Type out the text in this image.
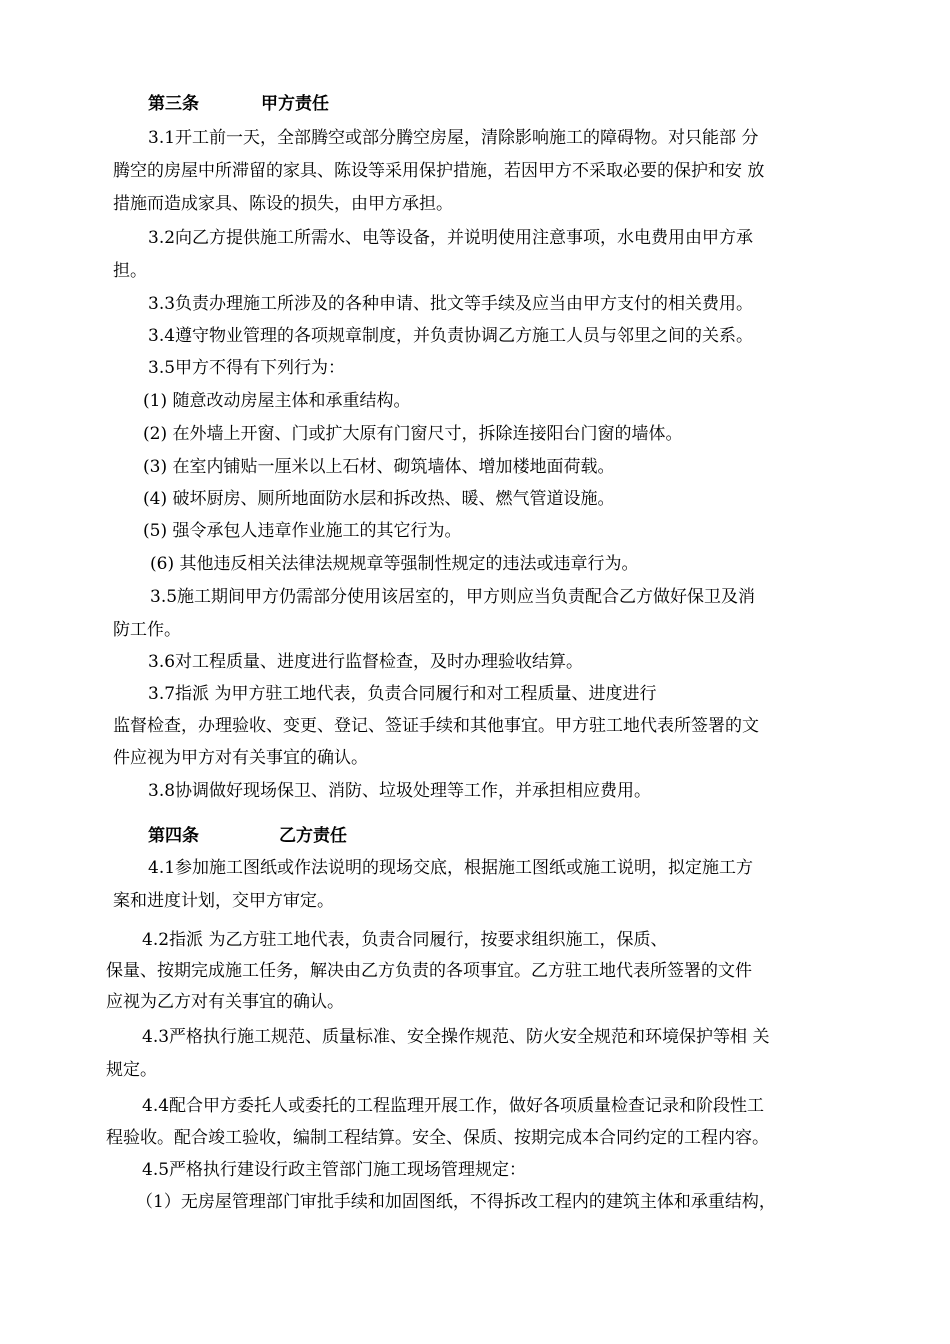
第三条	甲方责任
3.1开工前一天，全部腾空或部分腾空房屋，清除影响施工的障碍物。对只能部 分
腾空的房屋中所滞留的家具、陈设等采用保护措施，若因甲方不采取必要的保护和安 放
措施而造成家具、陈设的损失，由甲方承担。
3.2向乙方提供施工所需水、电等设备，并说明使用注意事项，水电费用由甲方承
担。
3.3负责办理施工所涉及的各种申请、批文等手续及应当由甲方支付的相关费用。
3.4遵守物业管理的各项规章制度，并负责协调乙方施工人员与邻里之间的关系。
3.5甲方不得有下列行为：
(1) 随意改动房屋主体和承重结构。
(2) 在外墙上开窗、门或扩大原有门窗尺寸，拆除连接阳台门窗的墙体。
(3) 在室内铺贴一厘米以上石材、砌筑墙体、增加楼地面荷载。
(4) 破坏厨房、厕所地面防水层和拆改热、暖、燃气管道设施。
(5) 强令承包人违章作业施工的其它行为。
(6) 其他违反相关法律法规规章等强制性规定的违法或违章行为。
3.5施工期间甲方仍需部分使用该居室的，甲方则应当负责配合乙方做好保卫及消
防工作。
3.6对工程质量、进度进行监督检查，及时办理验收结算。
3.7指派 为甲方驻工地代表，负责合同履行和对工程质量、进度进行
监督检查，办理验收、变更、登记、签证手续和其他事宜。甲方驻工地代表所签署的文
件应视为甲方对有关事宜的确认。
3.8协调做好现场保卫、消防、垃圾处理等工作，并承担相应费用。
第四条	乙方责任
4.1参加施工图纸或作法说明的现场交底，根据施工图纸或施工说明，拟定施工方
案和进度计划，交甲方审定。
4.2指派 为乙方驻工地代表，负责合同履行，按要求组织施工，保质、
保量、按期完成施工任务，解决由乙方负责的各项事宜。乙方驻工地代表所签署的文件
应视为乙方对有关事宜的确认。
4.3严格执行施工规范、质量标准、安全操作规范、防火安全规范和环境保护等相 关
规定。
4.4配合甲方委托人或委托的工程监理开展工作，做好各项质量检查记录和阶段性工
程验收。配合竣工验收，编制工程结算。安全、保质、按期完成本合同约定的工程内容。
4.5严格执行建设行政主管部门施工现场管理规定：
（1）无房屋管理部门审批手续和加固图纸，不得拆改工程内的建筑主体和承重结构，
